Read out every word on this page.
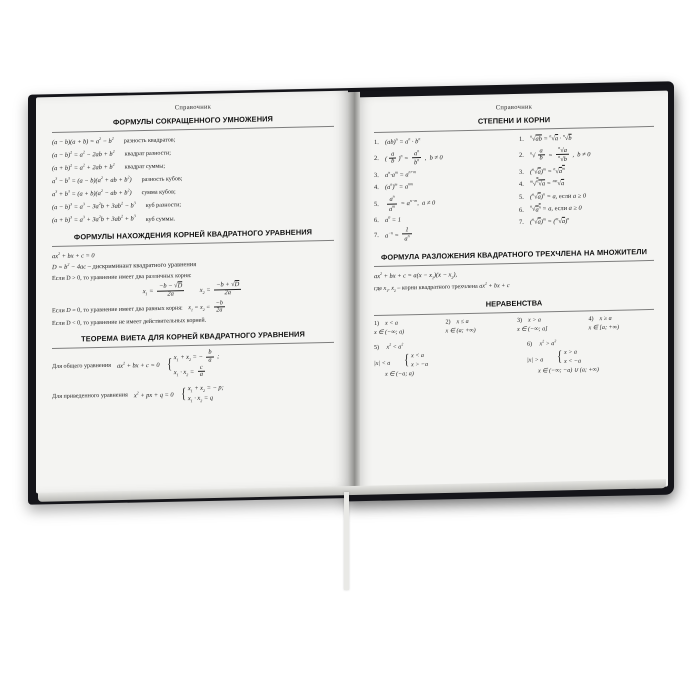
Справочник
ФОРМУЛЫ СОКРАЩЕННОГО УМНОЖЕНИЯ
$(a - b)(a + b) = a^2 - b^2$ разность квадратов;
$(a - b)^2 = a^2 - 2ab + b^2$ квадрат разности;
$(a + b)^2 = a^2 + 2ab + b^2$ квадрат суммы;
$a^3 - b^3 = (a - b)(a^2$ + ab + $b^2$) разность кубов;
$a^3 + b^3 = (a + b)(a^2$ − ab + $b^2$) сумма кубов;
$(a - b)^3 = a^3 - 3a^2b + 3ab^2 - b^3$ куб разности;
$(a + b)^3 = a^3 + 3a^2b + 3ab^2 + b^3$ куб суммы.
ФОРМУЛЫ НАХОЖДЕНИЯ КОРНЕЙ КВАДРАТНОГО УРАВНЕНИЯ
$ax^2$ + bx + c = 0
$D = b^2 - 4ac$ – дискриминант квадратного уравнения
Если D > 0, то уравнение имеет два различных корня:
$x_1 = \frac{-b - √D}{2a} x_2 = \frac{-b + √D}{2a}$
Если D = 0, то уравнение имеет два равных корня: $x_1 = x_2 = \frac{-b}{2a}$
Если D < 0, то уравнение не имеет действительных корней.
ТЕОРЕМА ВИЕТА ДЛЯ КОРНЕЙ КВАДРАТНОГО УРАВНЕНИЯ
Для общего уравнения $ax^2$ + bx + c = 0 { $x_1 + x_2$ = − $\frac{b}{a}$ ;
$x_1 \cdot x_2 = \frac{c}{a}$
Для приведенного уравнения $x^2$ + px + q = 0 { $x_1 + x_2$ = − p;
$x_1 \cdot x_2 = q$
Справочник
СТЕПЕНИ И КОРНИ
1. $(ab)^n = a^n \cdot b^n$
2. ( $\frac{a}{b} )^n = \frac{a^n}{b^n}$ ,  b ≠ 0
3. $a^n\cdot a^m = a^{n+m}$
4. $(a^n)^m = a^{nm}$
5.	$\frac{a^n}{a^m} = a^{n-m}$,  a ≠ 0
6. $a^0 = 1$
7. $a^{-n} = \frac{1}{a^n}$
1.	$^n$√ab = $^n$√a · $^n$√b
2.	$^n√ \frac{a}{b} = \frac{^n√a}{^n√b}$ ,  b ≠ 0
3. $(^n√a)^m = ^n√a^m$
4.	$^m$√$^n$√a = $^{mn}$√a
5. $(^n√a)^n = a$, если a ≥ 0
6.	$^n√a^n = a$, если a ≥ 0
7. $(^n√a)^m = (^m√a)^n$
ФОРМУЛА РАЗЛОЖЕНИЯ КВАДРАТНОГО ТРЕХЧЛЕНА НА МНОЖИТЕЛИ
$ax^2$ + bx + $c = a(x - x_1)(x - x_2)$,
где $x_1$, $x_2$ – корни квадратного трехчлена $ax^2$ + bx + c
НЕРАВЕНСТВА
1) x < a
x ∈ (−∞; a)
2) x ≤ a
x ∈ (a; +∞)
3) x > a
x ∈ (−∞; a]
4) x ≥ a
x ∈ [a; +∞)
5) $x^2 < a^2$
|x| < a { x < a
x > −a
x ∈ (−a; a)
6) $x^2 > a^2$
|x| > a { x > a
x < −a
x ∈ (−∞; −a) ∪ (a; +∞)
